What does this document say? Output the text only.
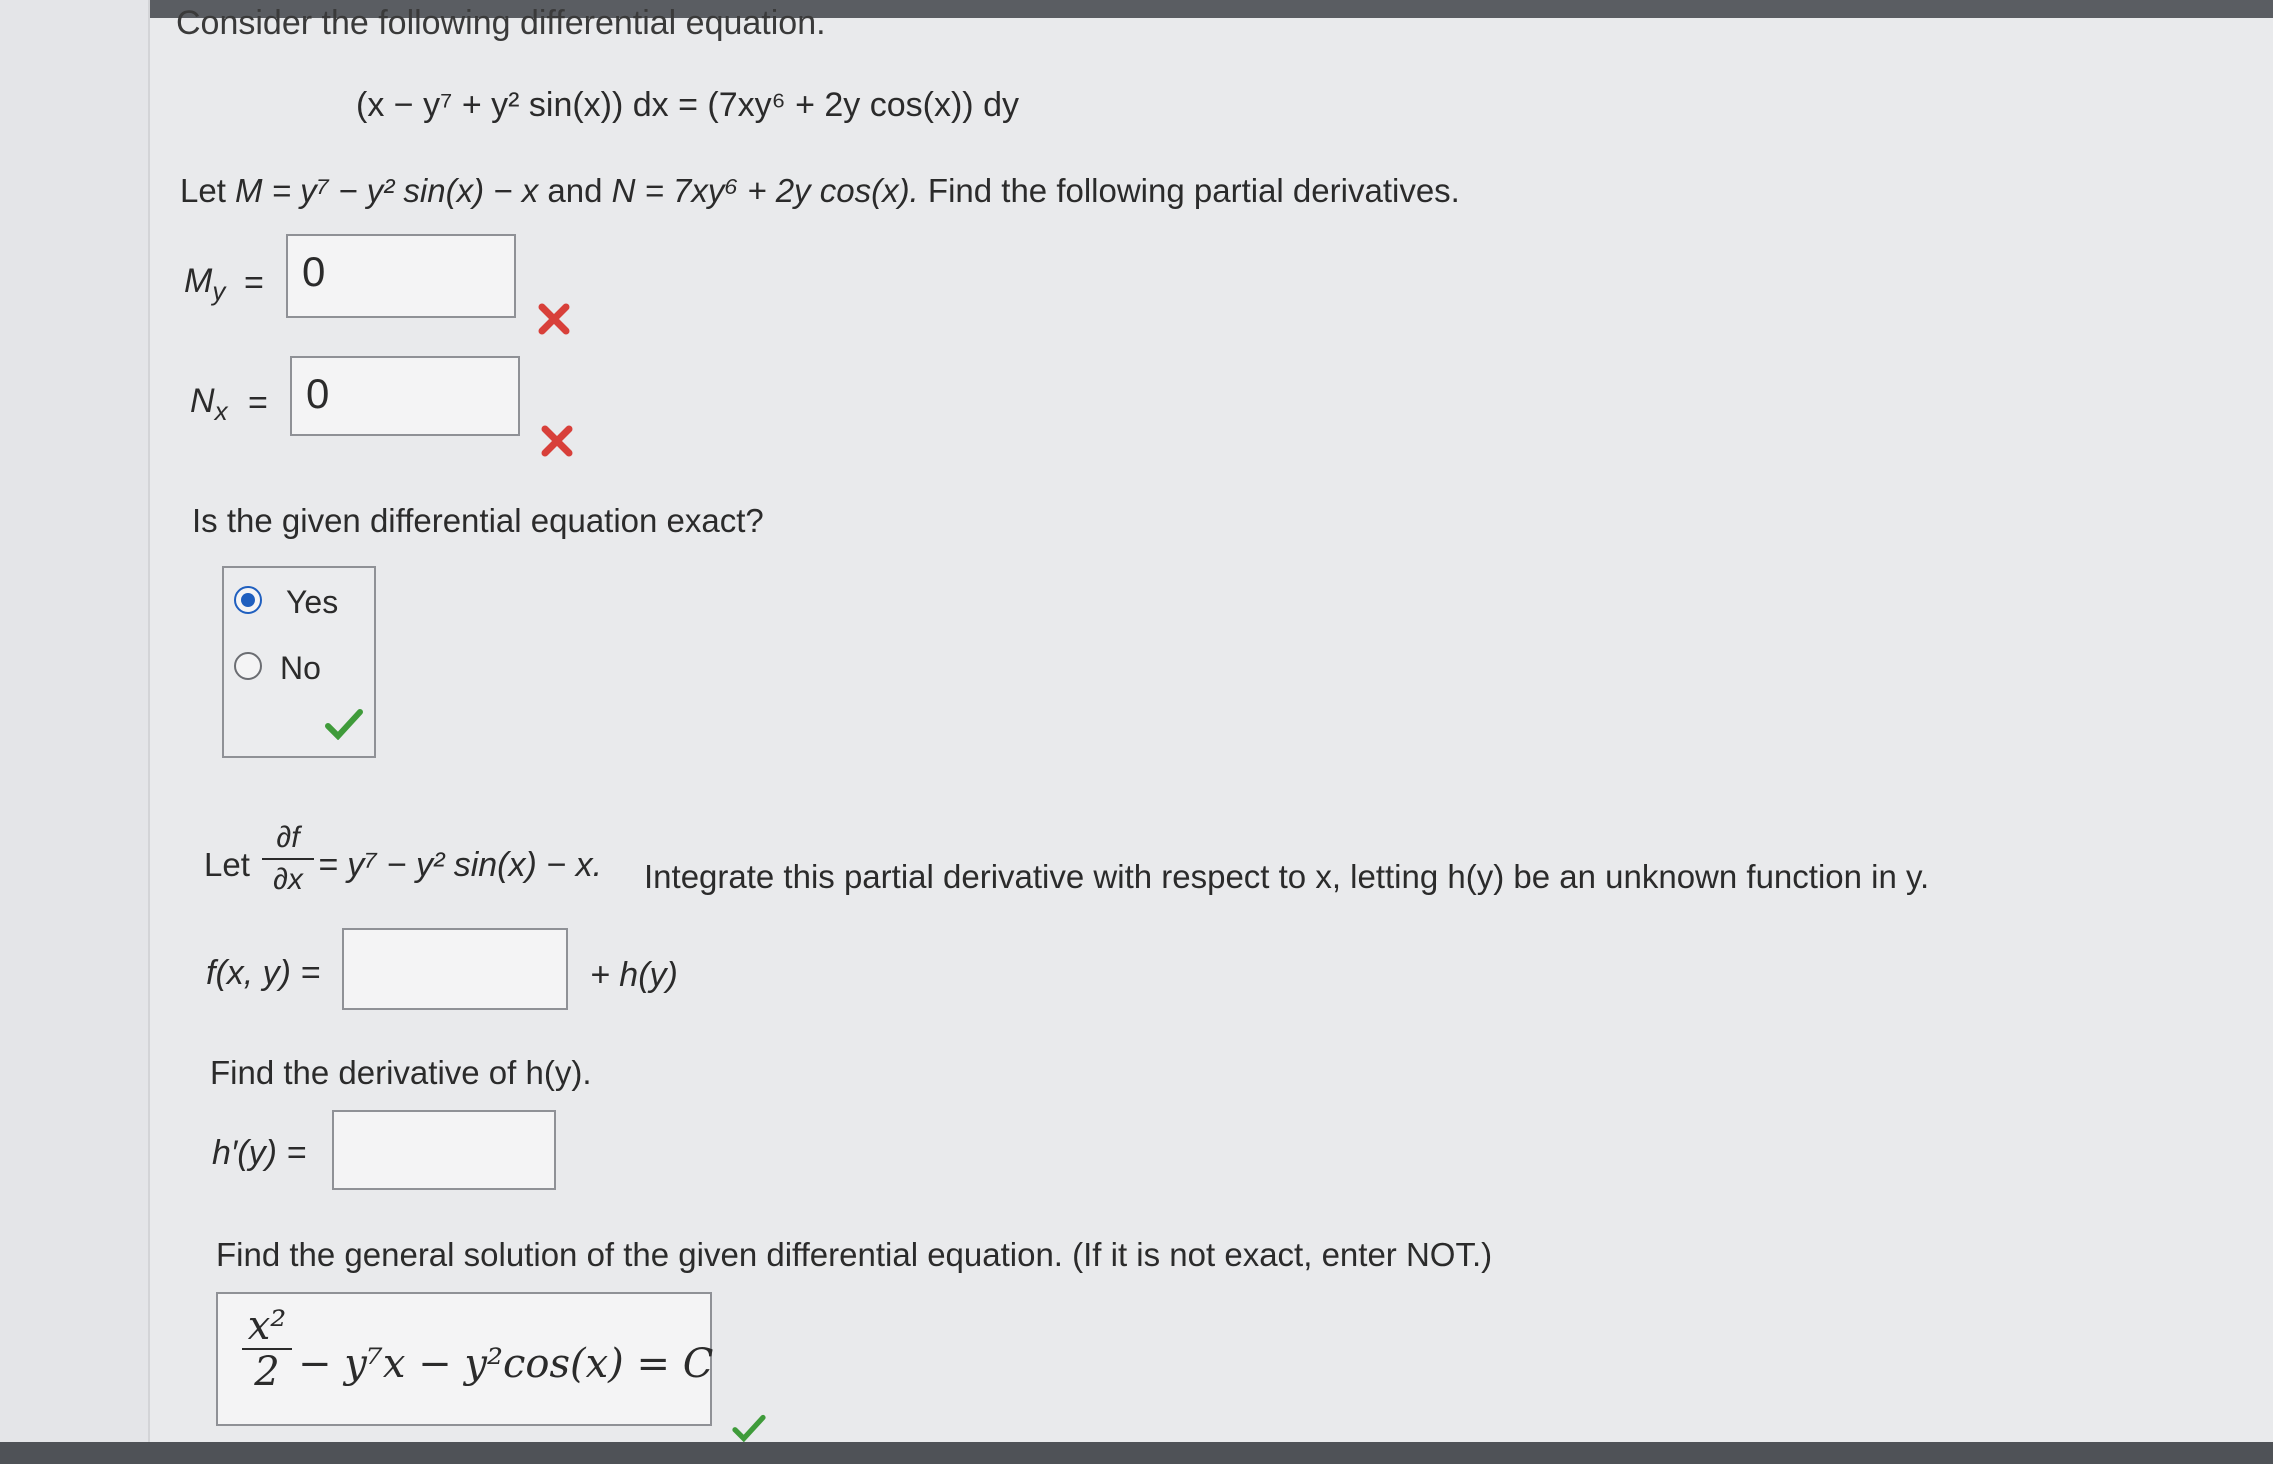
Consider the following differential equation.
(x − y⁷ + y² sin(x)) dx = (7xy⁶ + 2y cos(x)) dy
Let M = y⁷ − y² sin(x) − x and N = 7xy⁶ + 2y cos(x). Find the following partial derivatives.
$M_y = 0$
$N_x = 0$
Is the given differential equation exact?
Yes
No
Let
∂f
∂x = y⁷ − y² sin(x) − x. Integrate this partial derivative with respect to x, letting h(y) be an unknown function in y.
f(x, y) =	+ h(y)
Find the derivative of h(y).
h′(y) =
Find the general solution of the given differential equation. (If it is not exact, enter NOT.)
x²
2 − y⁷x − y²cos(x) = C
